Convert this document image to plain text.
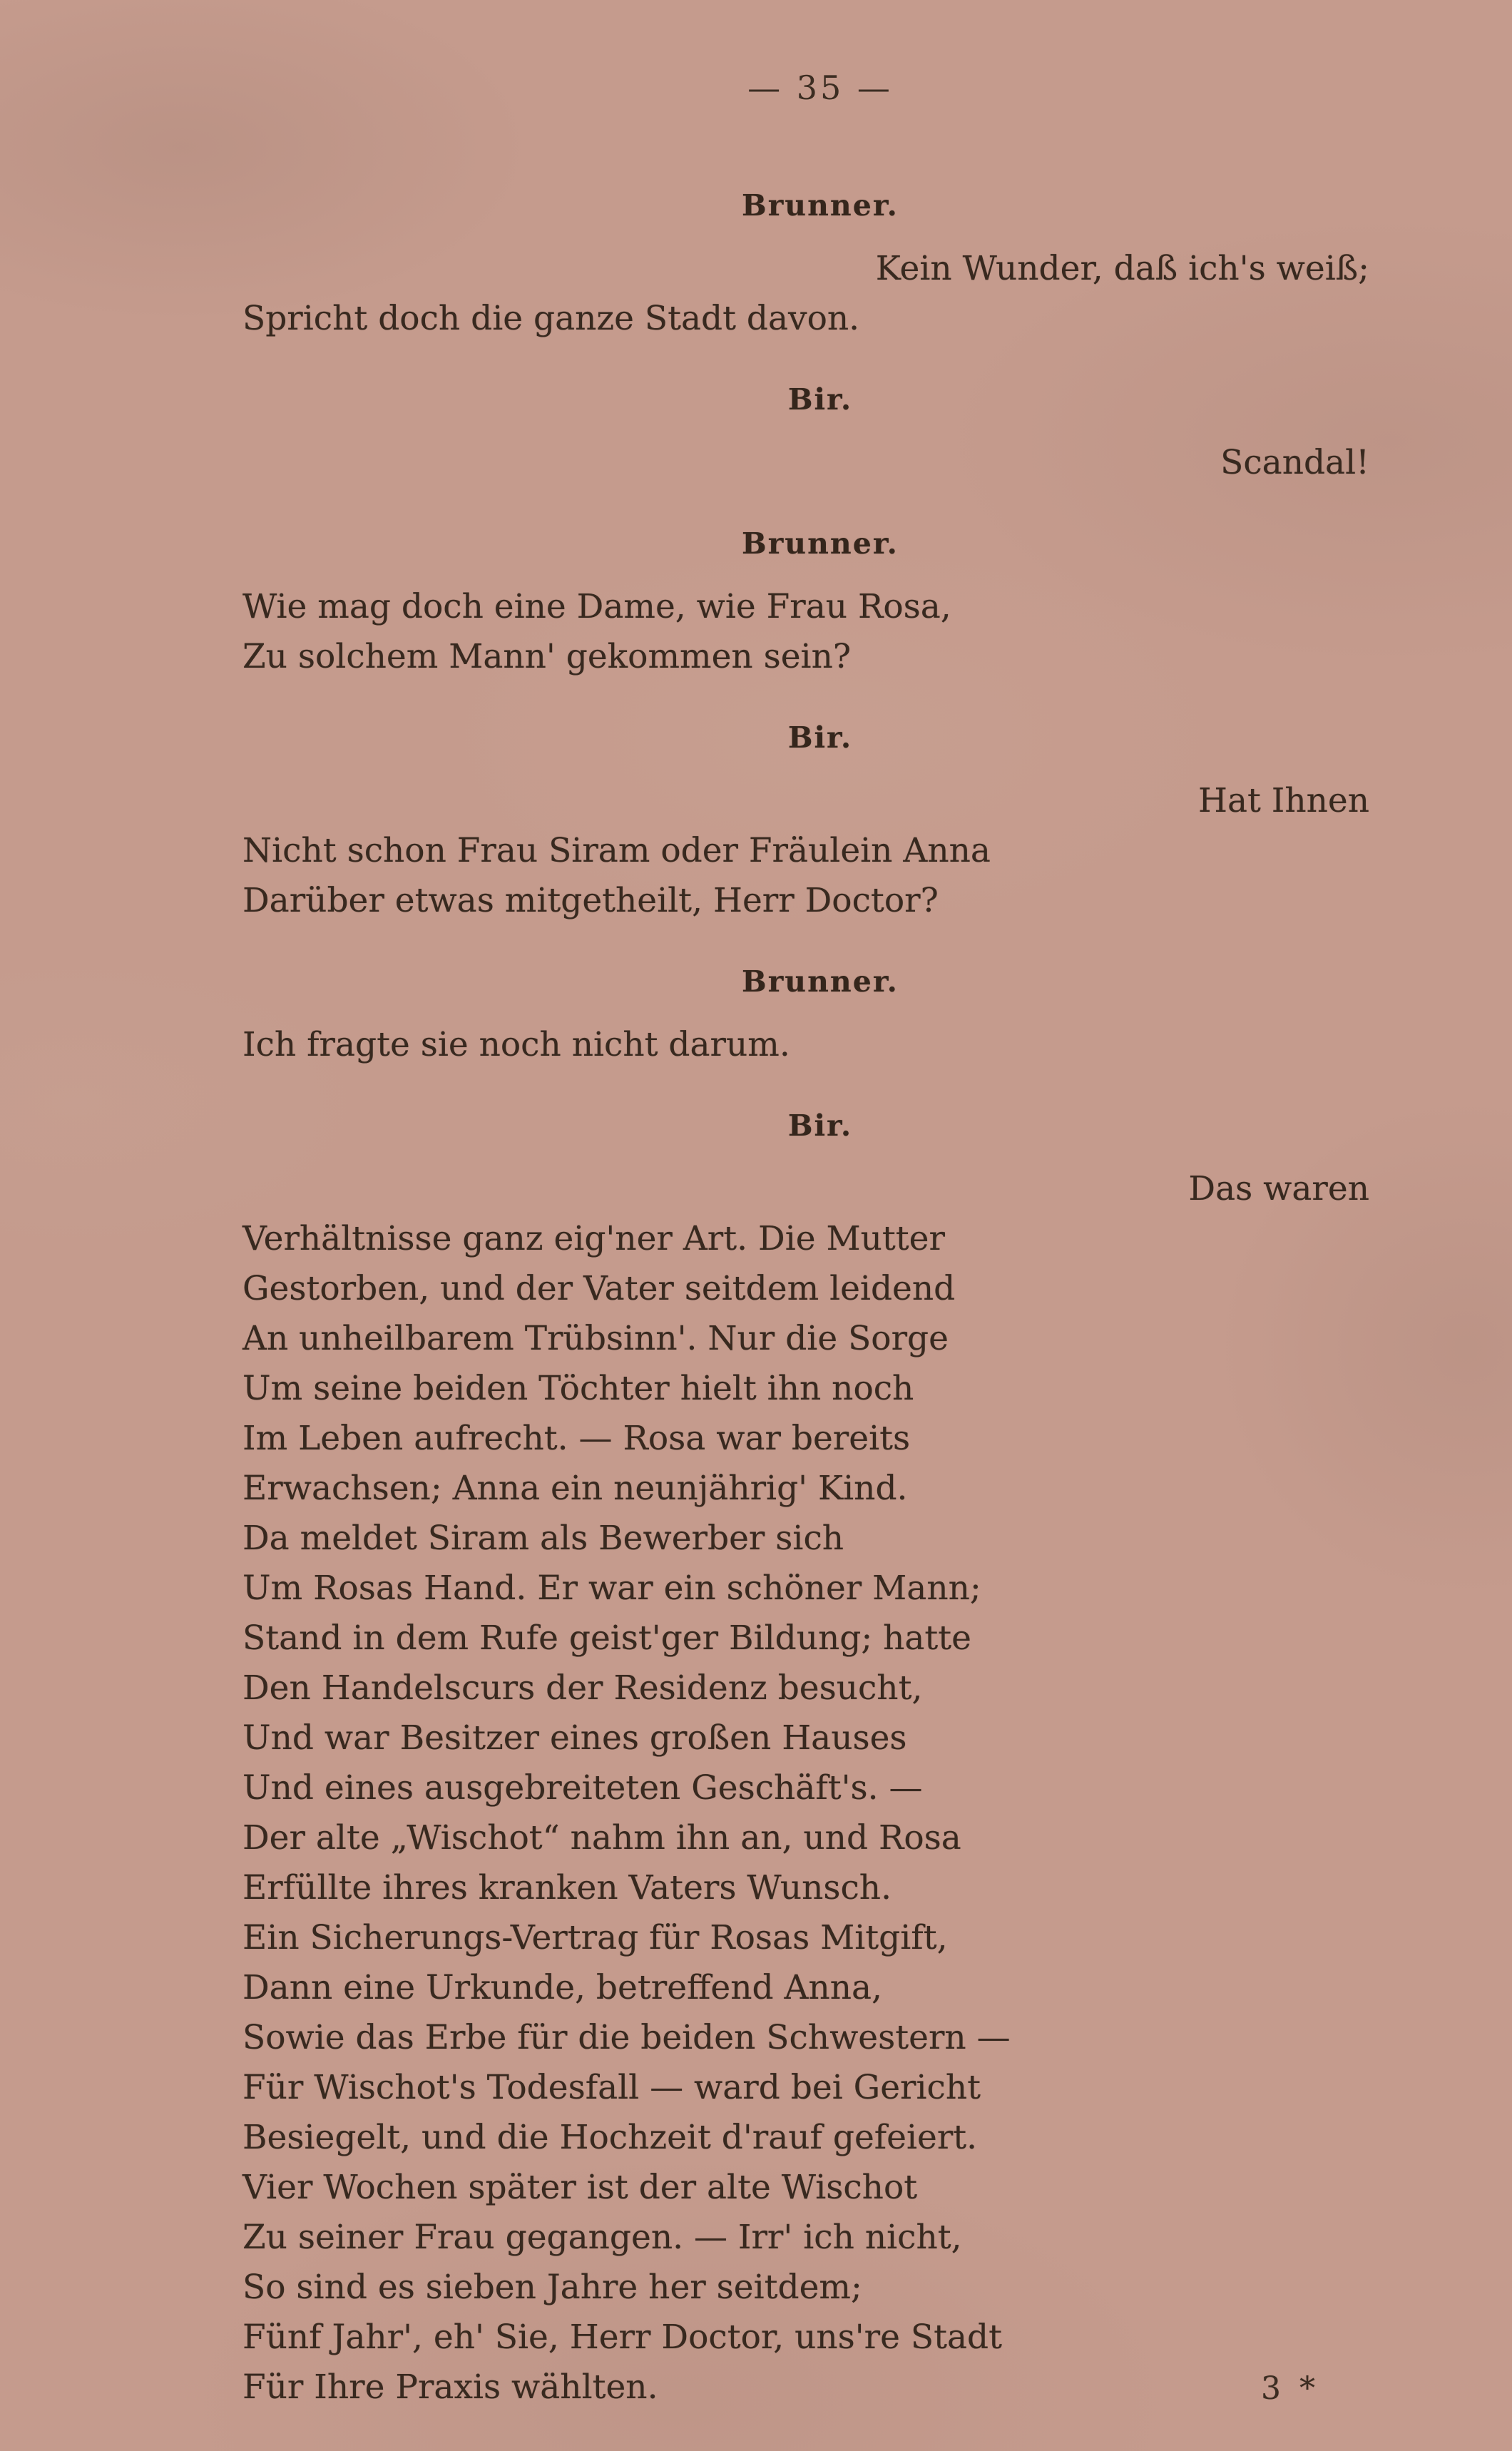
— 35 —
Brunner.
Kein Wunder, daß ich's weiß;
Spricht doch die ganze Stadt davon.
Bir.
Scandal!
Brunner.
Wie mag doch eine Dame, wie Frau Rosa,
Zu solchem Mann' gekommen sein?
Bir.
Hat Ihnen
Nicht schon Frau Siram oder Fräulein Anna
Darüber etwas mitgetheilt, Herr Doctor?
Brunner.
Ich fragte sie noch nicht darum.
Bir.
Das waren
Verhältnisse ganz eig'ner Art. Die Mutter
Gestorben, und der Vater seitdem leidend
An unheilbarem Trübsinn'. Nur die Sorge
Um seine beiden Töchter hielt ihn noch
Im Leben aufrecht. — Rosa war bereits
Erwachsen; Anna ein neunjährig' Kind.
Da meldet Siram als Bewerber sich
Um Rosas Hand. Er war ein schöner Mann;
Stand in dem Rufe geist'ger Bildung; hatte
Den Handelscurs der Residenz besucht,
Und war Besitzer eines großen Hauses
Und eines ausgebreiteten Geschäft's. —
Der alte „Wischot“ nahm ihn an, und Rosa
Erfüllte ihres kranken Vaters Wunsch.
Ein Sicherungs-Vertrag für Rosas Mitgift,
Dann eine Urkunde, betreffend Anna,
Sowie das Erbe für die beiden Schwestern —
Für Wischot's Todesfall — ward bei Gericht
Besiegelt, und die Hochzeit d'rauf gefeiert.
Vier Wochen später ist der alte Wischot
Zu seiner Frau gegangen. — Irr' ich nicht,
So sind es sieben Jahre her seitdem;
Fünf Jahr', eh' Sie, Herr Doctor, uns're Stadt
Für Ihre Praxis wählten.	3 *
